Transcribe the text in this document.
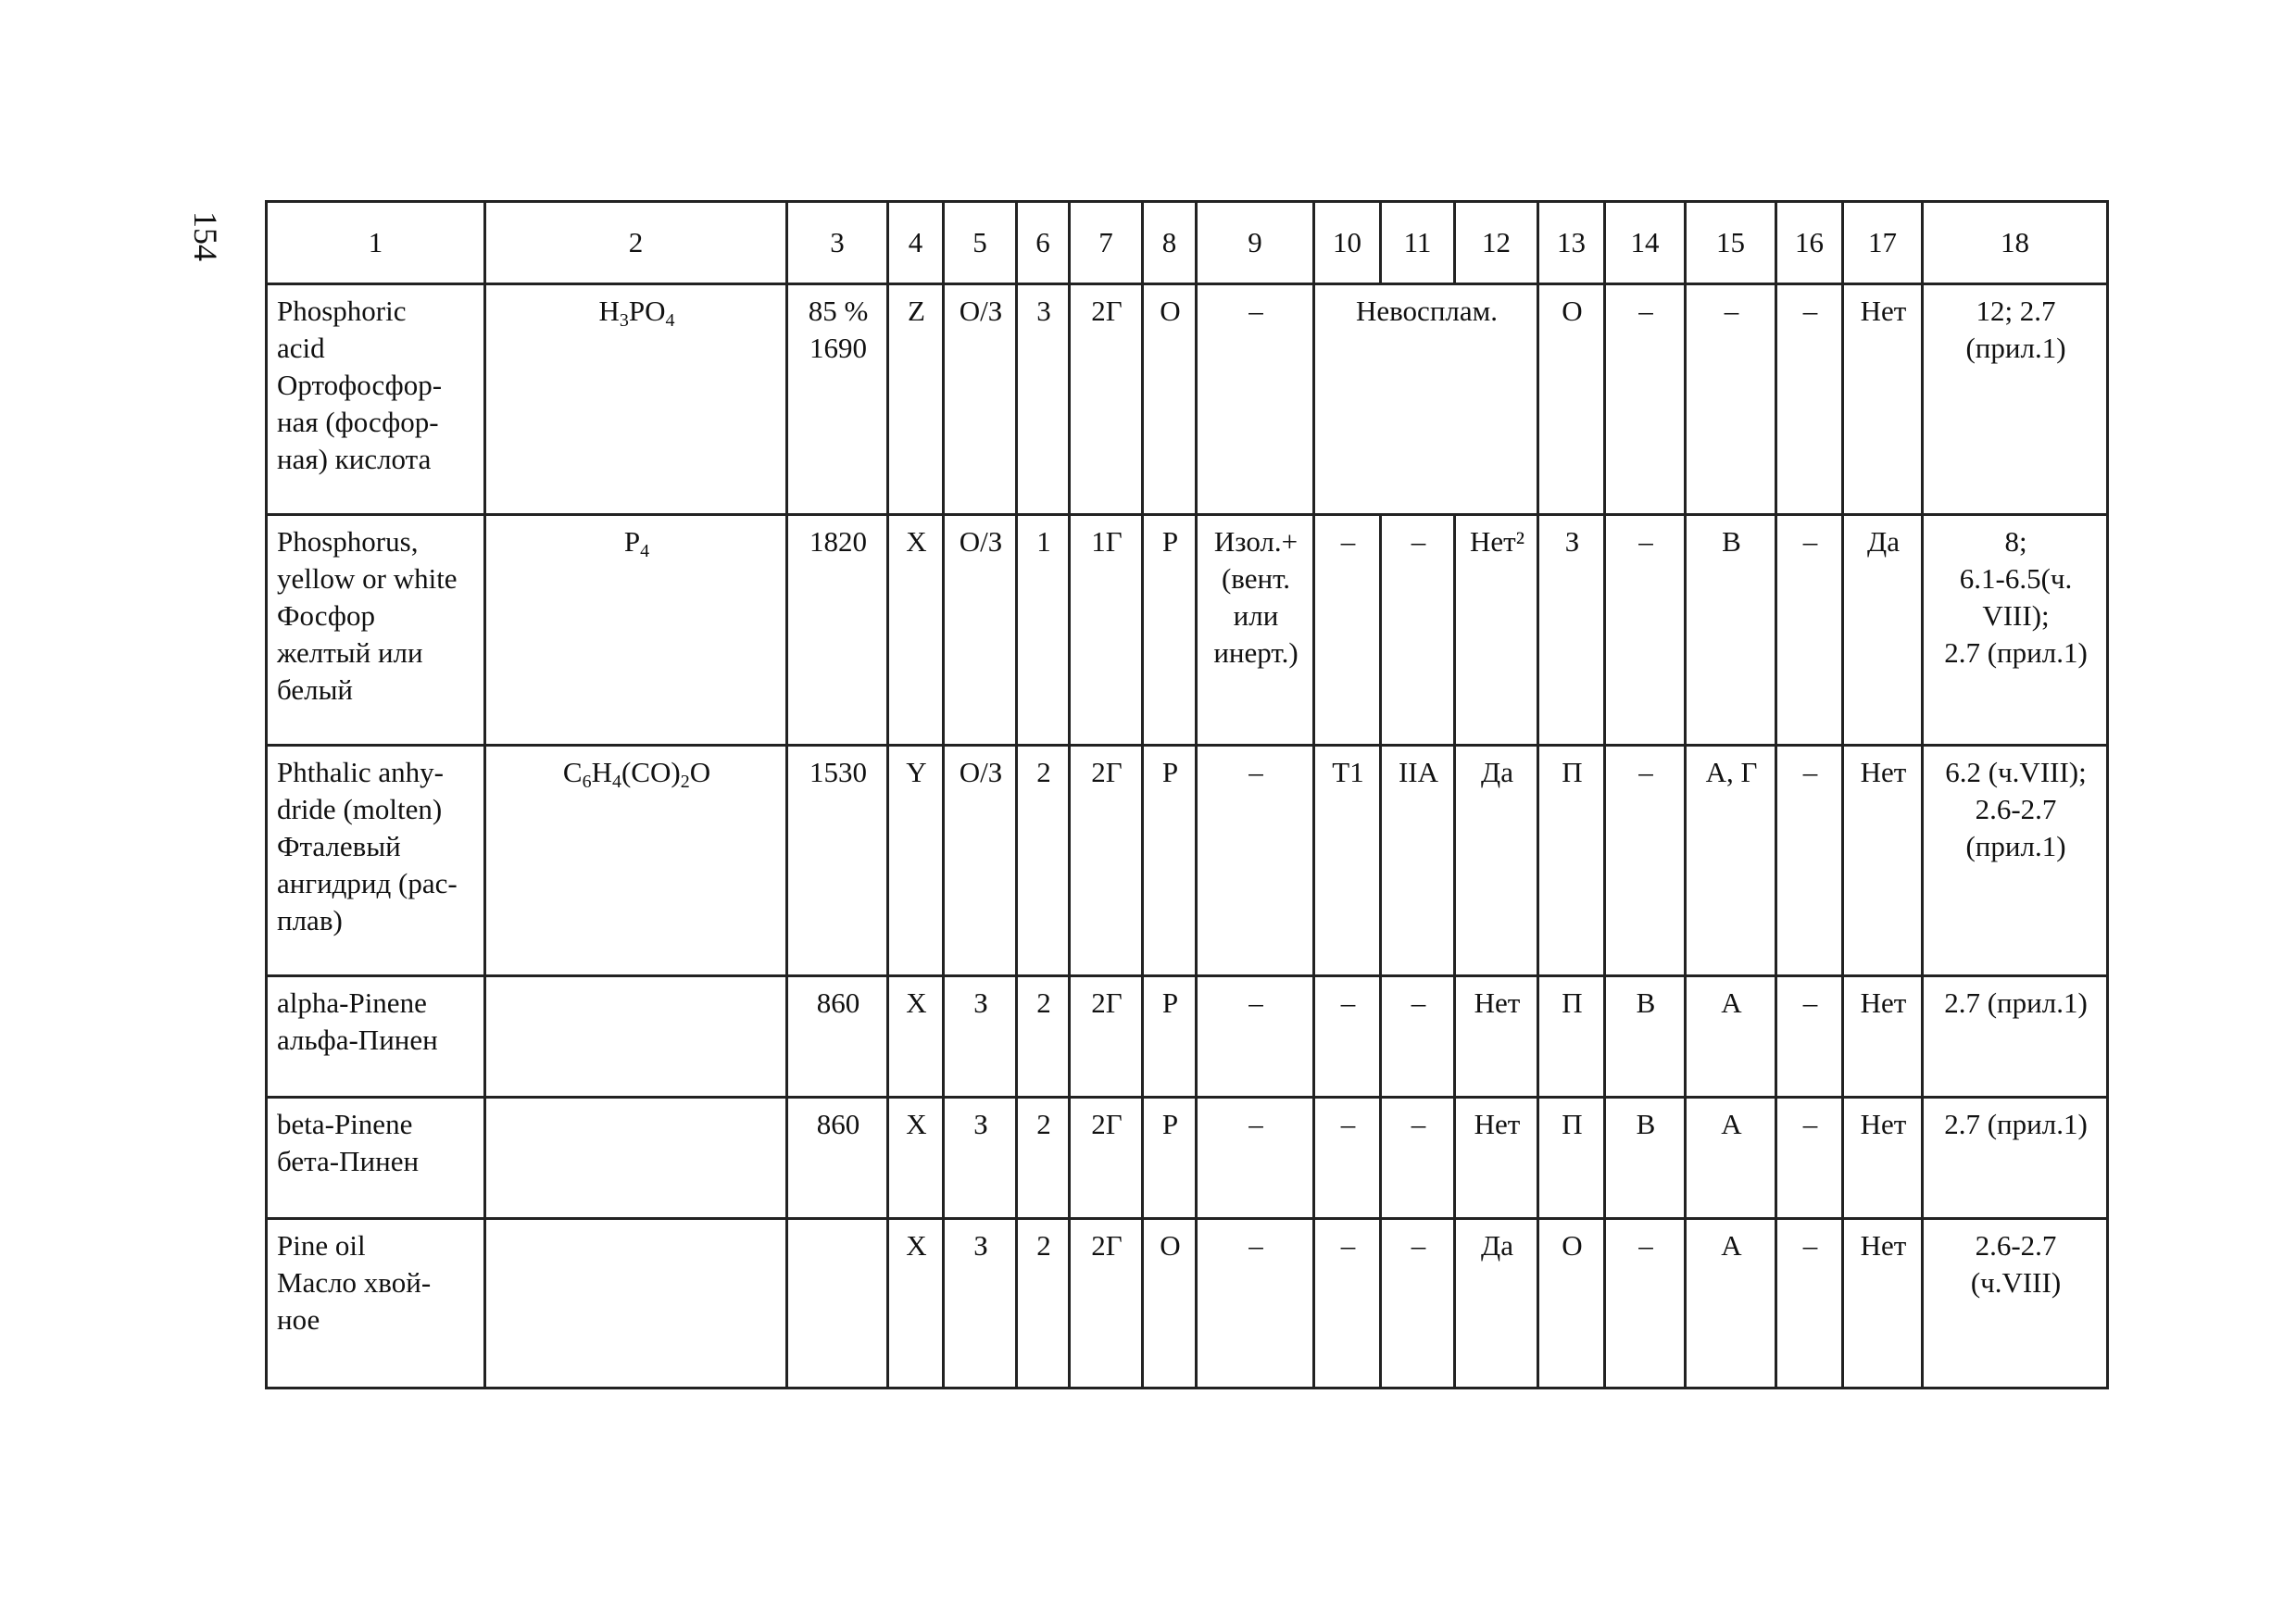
154	1	2	3	4	5	6	7	8	9	10	11	12	13	14	15	16	17	18
Phosphoric
acid
Ортофосфор-
ная (фосфор-
ная) кислота	$H_3PO_4$	85 %
1690	Z	О/З	3	2Г	О	–	Невоcплам.			О	–	–	–	Нет	12; 2.7
(прил.1)
Phosphorus,
yellow or white
Фосфор
желтый или
белый	$P_4$	1820	X	О/З	1	1Г	Р	Изол.+
(вент.
или
инерт.)	–	–	Нет²	З	–	В	–	Да	8;
6.1-6.5(ч.
VIII);
2.7 (прил.1)
Phthalic anhy-
dride (molten)
Фталевый
ангидрид (рас-
плав)	$C_6H_4(CO)_2O$	1530	Y	О/З	2	2Г	Р	–	T1	IIA	Да	П	–	А, Г	–	Нет	6.2 (ч.VIII);
2.6-2.7
(прил.1)
alpha-Pinene
альфа-Пинен		860	X	З	2	2Г	Р	–	–	–	Нет	П	В	А	–	Нет	2.7 (прил.1)
beta-Pinene
бета-Пинен		860	X	З	2	2Г	Р	–	–	–	Нет	П	В	А	–	Нет	2.7 (прил.1)
Pine oil
Масло хвой-
ное			X	З	2	2Г	О	–	–	–	Да	О	–	А	–	Нет	2.6-2.7
(ч.VIII)
